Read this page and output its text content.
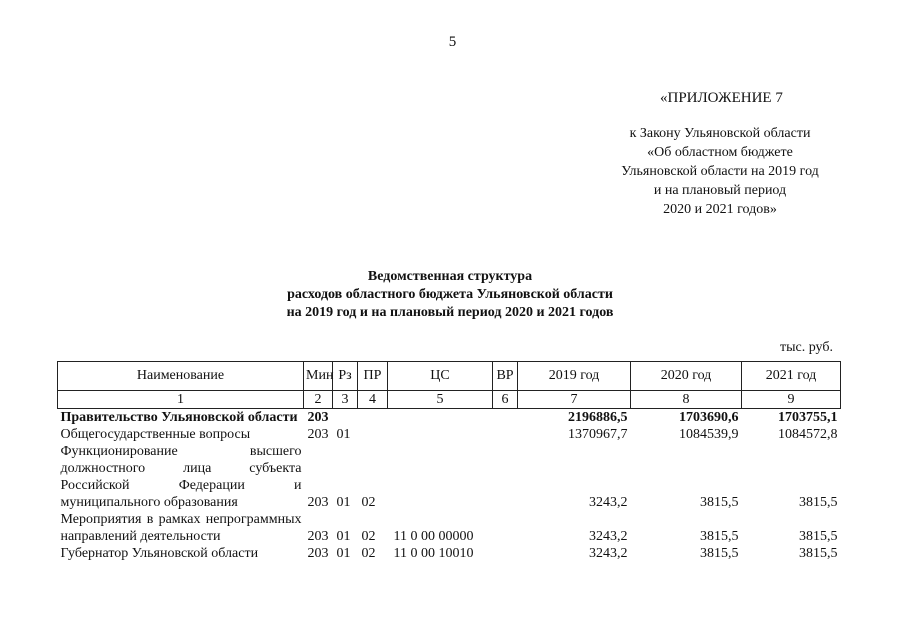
5
«ПРИЛОЖЕНИЕ 7
к Закону Ульяновской области
«Об областном бюджете
Ульяновской области на 2019 год
и на плановый период
2020 и 2021 годов»
Ведомственная структура
расходов областного бюджета Ульяновской области
на 2019 год и на плановый период 2020 и 2021 годов
тыс. руб.
Наименование	Мин	Рз	ПР	ЦС	ВР	2019 год	2020 год	2021 год
1	2	3	4	5	6	7	8	9
Правительство Ульяновской области	203					2196886,5	1703690,6	1703755,1
Общегосударственные вопросы	203	01				1370967,7	1084539,9	1084572,8
Функционирование высшего должностного лица субъекта Российской Федерации и муниципального образования	203	01	02			3243,2	3815,5	3815,5
Мероприятия в рамках непрограммных направлений деятельности	203	01	02	11 0 00 00000		3243,2	3815,5	3815,5
Губернатор Ульяновской области	203	01	02	11 0 00 10010		3243,2	3815,5	3815,5
